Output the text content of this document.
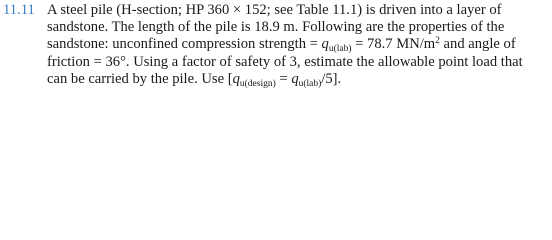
11.11 A steel pile (H-section; HP 360 × 152; see Table 11.1) is driven into a layer of
sandstone. The length of the pile is 18.9 m. Following are the properties of the
sandstone: unconfined compression strength = $q_{u(lab)} = 78.7$ $MN/m^2$ and angle of
friction = 36°. Using a factor of safety of 3, estimate the allowable point load that
can be carried by the pile. Use $[q_{u(design)} = q_{u(lab)}/5]$.
